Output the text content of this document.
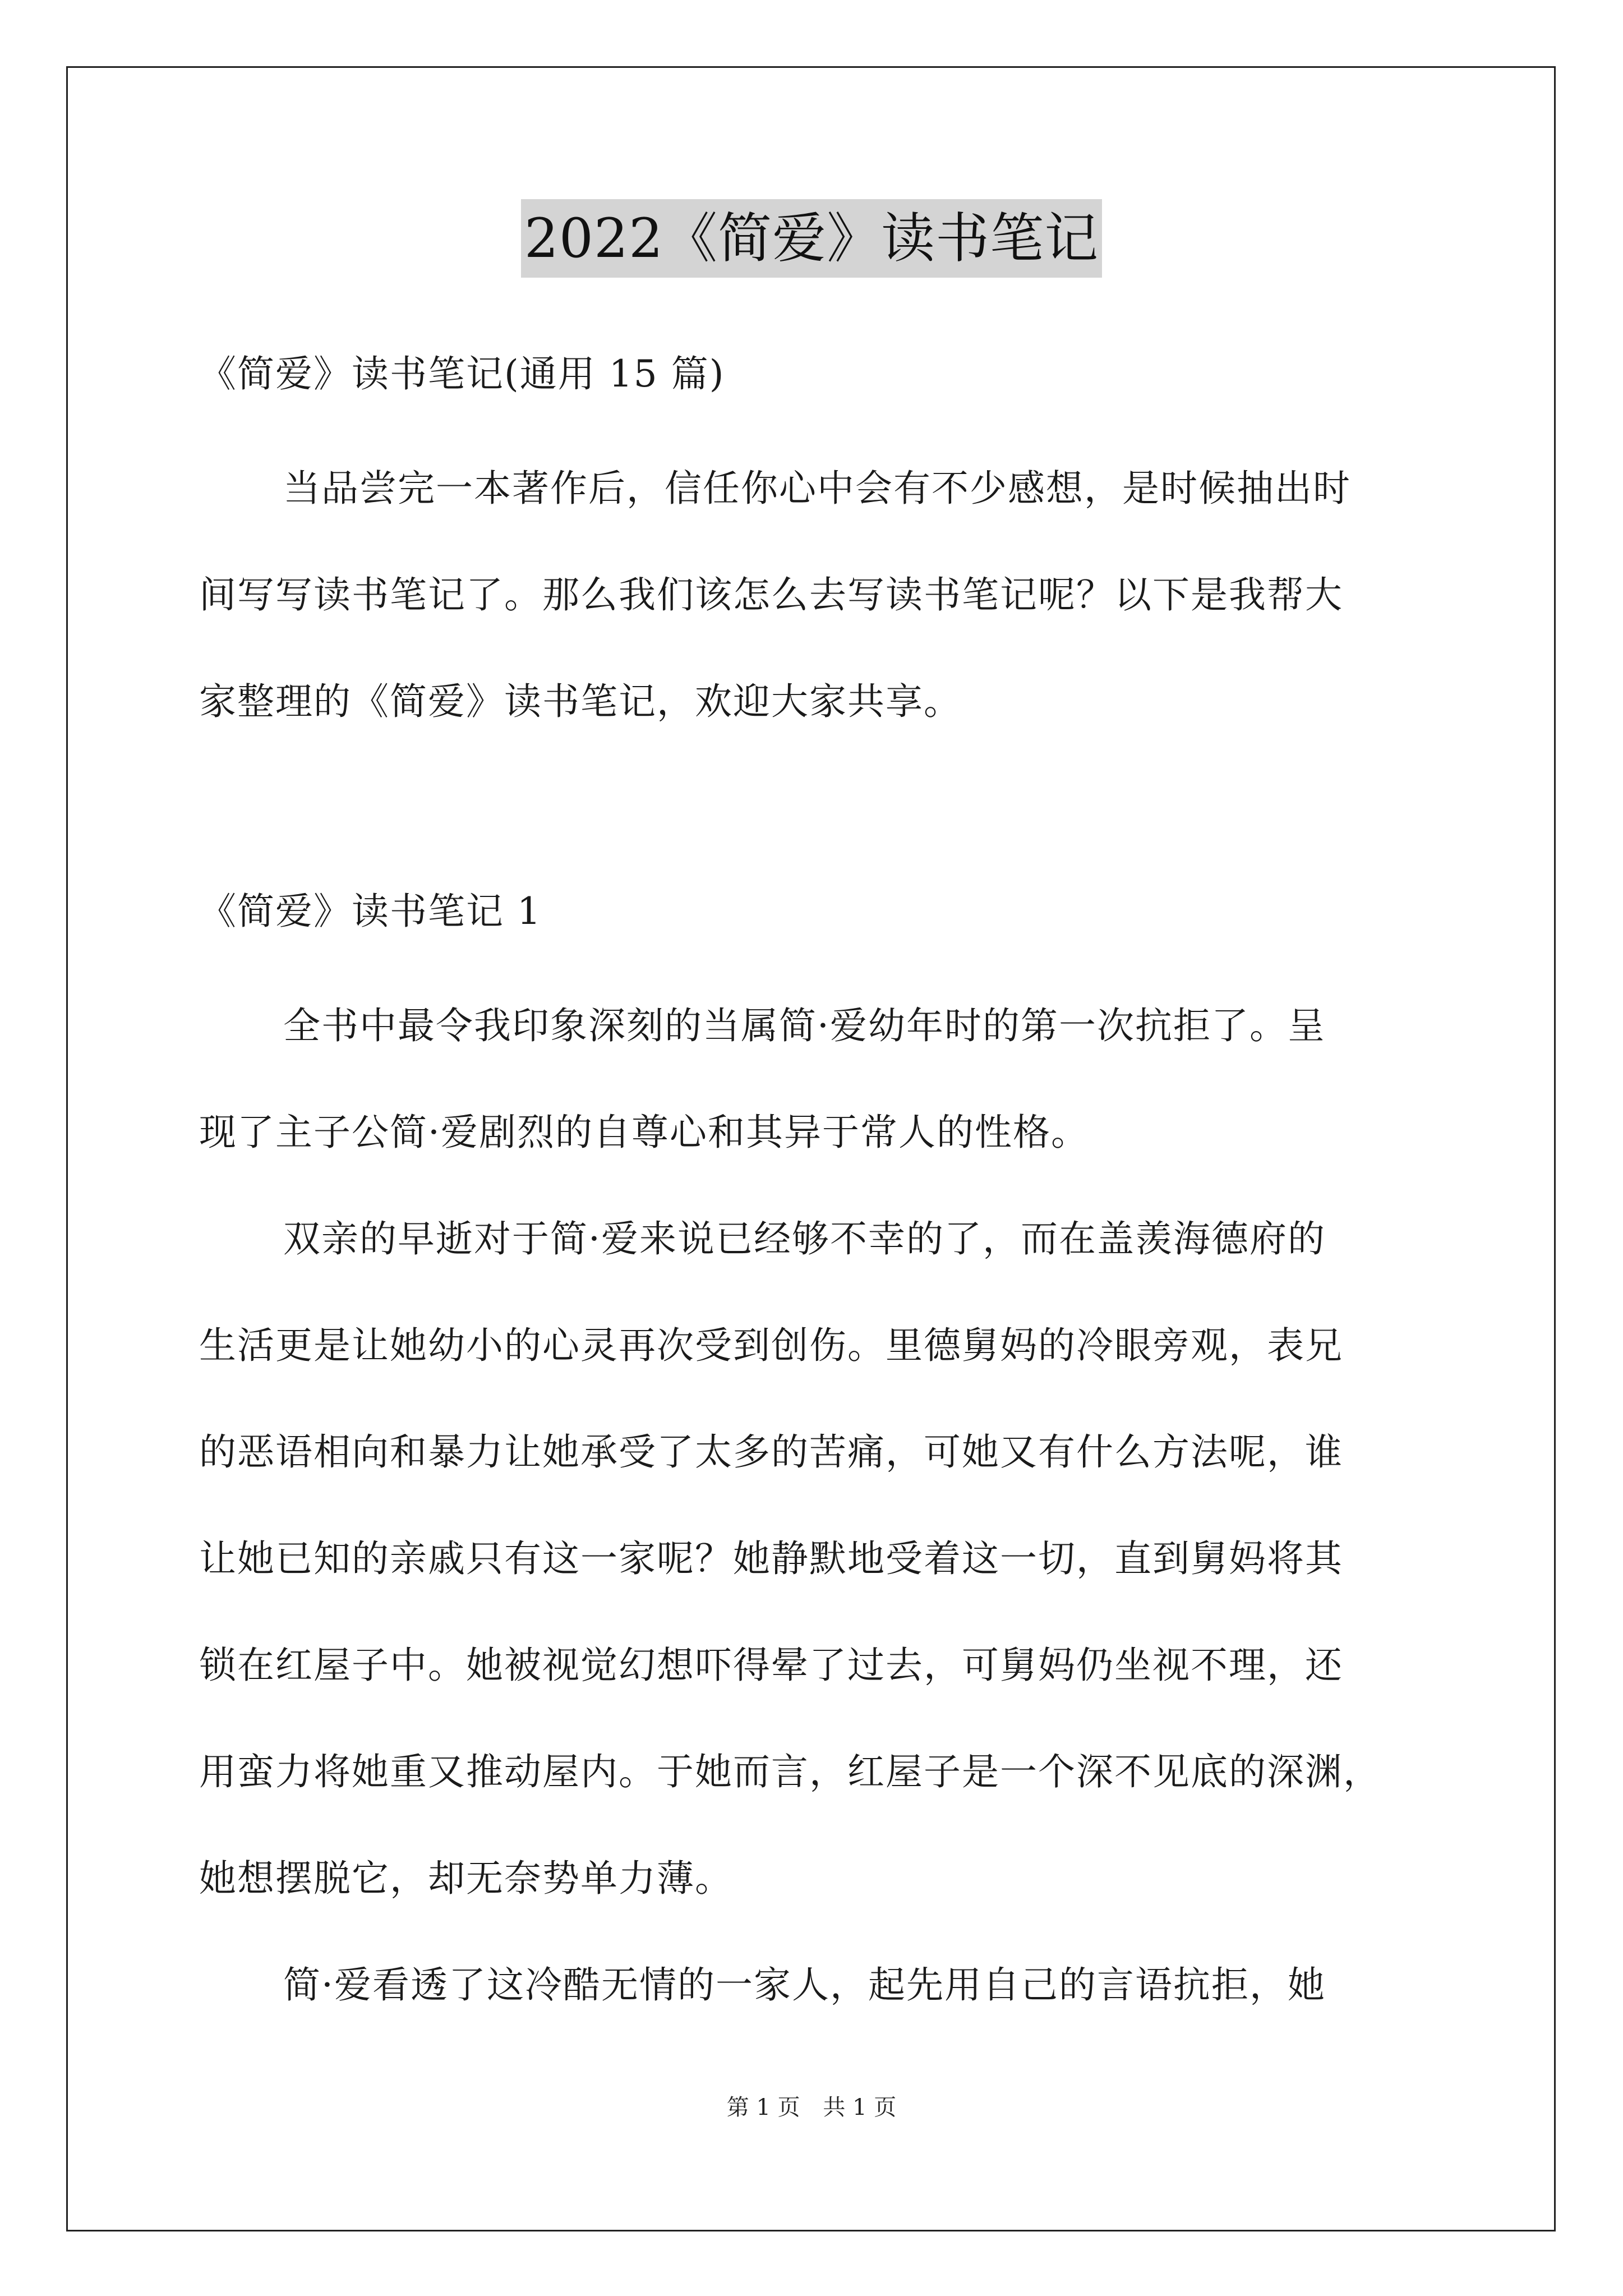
2022《简爱》读书笔记

《简爱》读书笔记(通用 15 篇)

当品尝完一本著作后，信任你心中会有不少感想，是时候抽出时

间写写读书笔记了。那么我们该怎么去写读书笔记呢？以下是我帮大

家整理的《简爱》读书笔记，欢迎大家共享。

《简爱》读书笔记 1

全书中最令我印象深刻的当属简·爱幼年时的第一次抗拒了。呈

现了主子公简·爱剧烈的自尊心和其异于常人的性格。

双亲的早逝对于简·爱来说已经够不幸的了，而在盖羡海德府的

生活更是让她幼小的心灵再次受到创伤。里德舅妈的冷眼旁观，表兄

的恶语相向和暴力让她承受了太多的苦痛，可她又有什么方法呢，谁

让她已知的亲戚只有这一家呢？她静默地受着这一切，直到舅妈将其

锁在红屋子中。她被视觉幻想吓得晕了过去，可舅妈仍坐视不理，还

用蛮力将她重又推动屋内。于她而言，红屋子是一个深不见底的深渊，

她想摆脱它，却无奈势单力薄。

简·爱看透了这冷酷无情的一家人，起先用自己的言语抗拒，她

第 1 页 共 1 页
